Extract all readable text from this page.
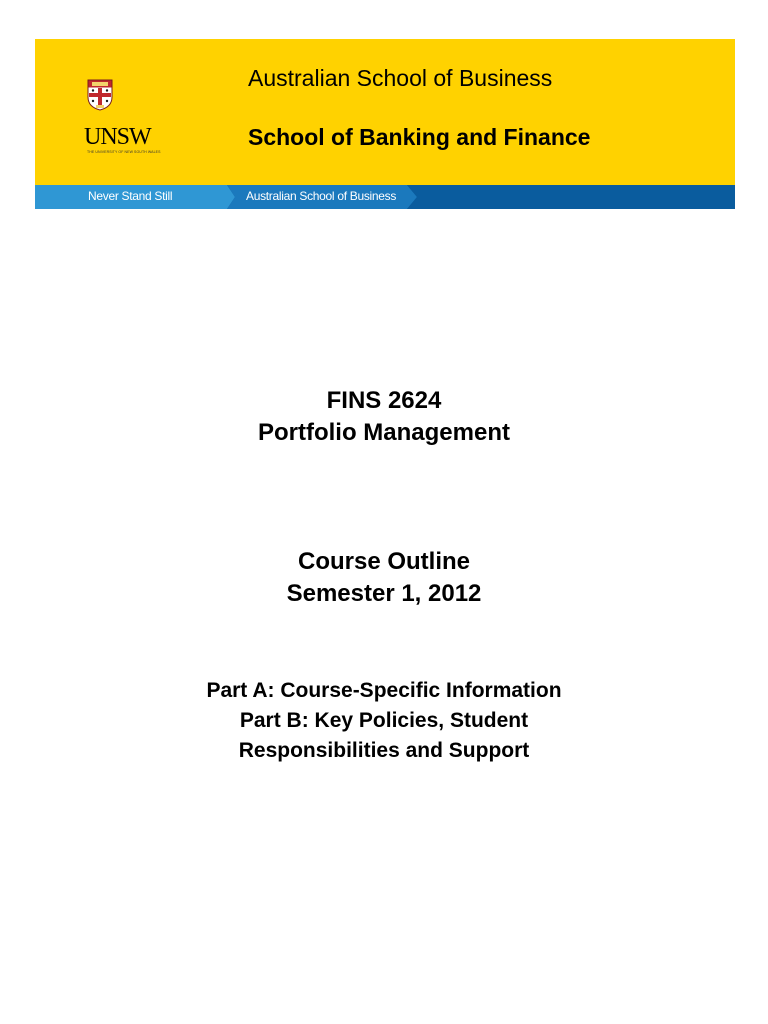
UNSW
THE UNIVERSITY OF NEW SOUTH WALES
Australian School of Business
School of Banking and Finance
Never Stand Still	Australian School of Business
FINS 2624
Portfolio Management
Course Outline
Semester 1, 2012
Part A: Course-Specific Information
Part B: Key Policies, Student
Responsibilities and Support
